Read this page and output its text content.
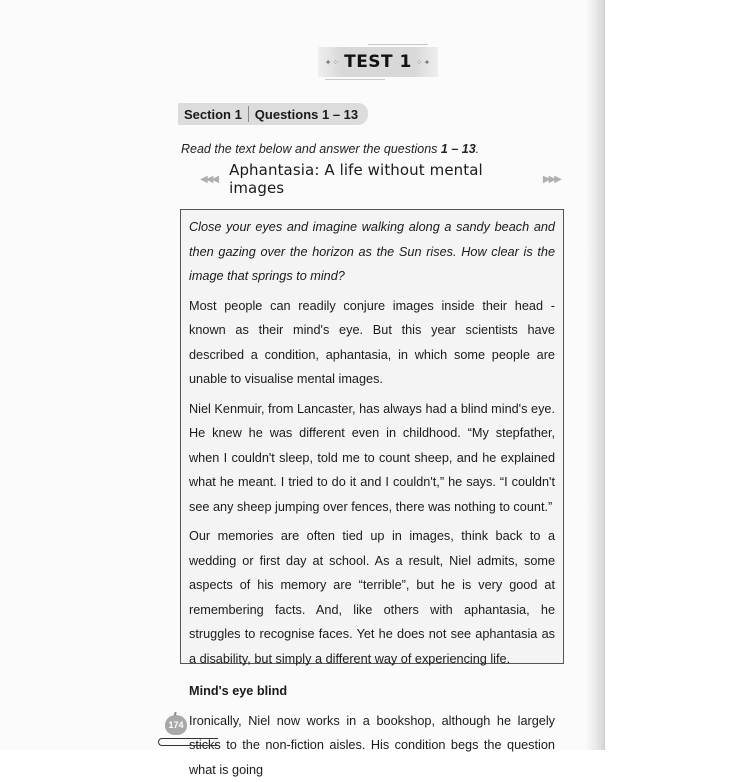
✦⁘ TEST 1 ⁘✦
Section 1 Questions 1 – 13
Read the text below and answer the questions 1 – 13.
◀◀◀ Aphantasia: A life without mental images	▶▶▶

Close your eyes and imagine walking along a sandy beach and then gazing over the horizon as the Sun rises. How clear is the image that springs to mind?

Most people can readily conjure images inside their head - known as their mind's eye. But this year scientists have described a condition, aphantasia, in which some people are unable to visualise mental images.

Niel Kenmuir, from Lancaster, has always had a blind mind's eye. He knew he was different even in childhood. “My stepfather, when I couldn't sleep, told me to count sheep, and he explained what he meant. I tried to do it and I couldn't,” he says. “I couldn't see any sheep jumping over fences, there was nothing to count.”

Our memories are often tied up in images, think back to a wedding or first day at school. As a result, Niel admits, some aspects of his memory are “terrible”, but he is very good at remembering facts. And, like others with aphantasia, he struggles to recognise faces. Yet he does not see aphantasia as a disability, but simply a different way of experiencing life.

Mind's eye blind

Ironically, Niel now works in a bookshop, although he largely sticks to the non-fiction aisles. His condition begs the question what is going

174
